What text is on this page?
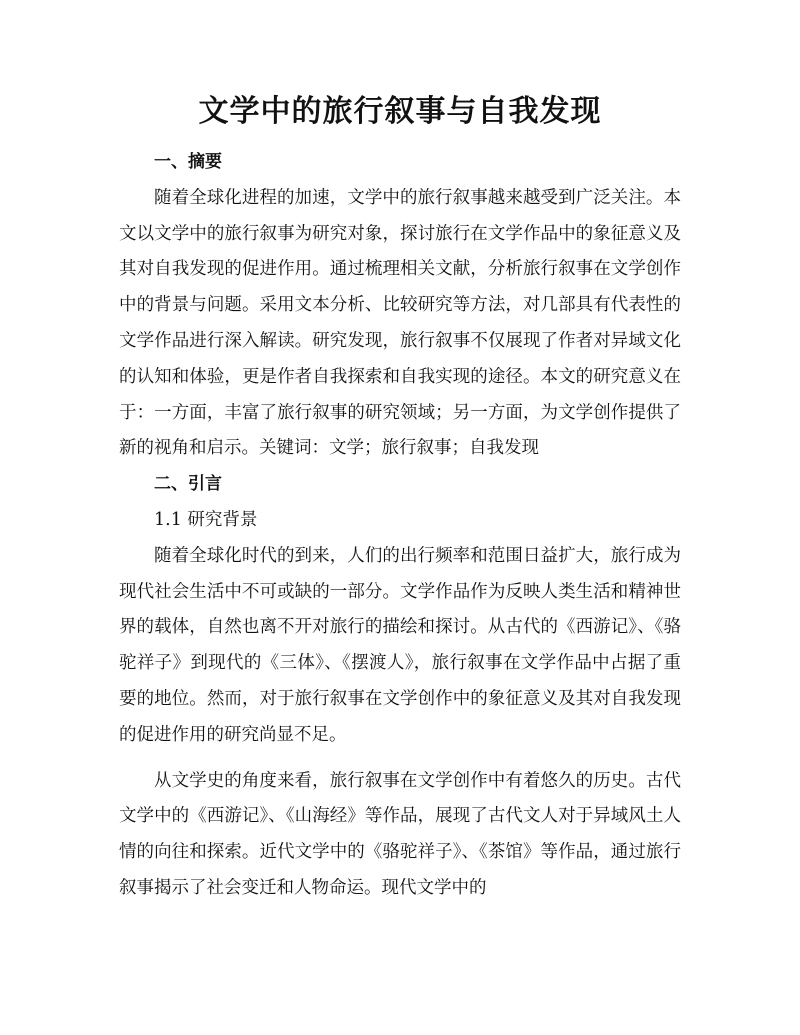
文学中的旅行叙事与自我发现
一、摘要

随着全球化进程的加速，文学中的旅行叙事越来越受到广泛关注。本文以文学中的旅行叙事为研究对象，探讨旅行在文学作品中的象征意义及其对自我发现的促进作用。通过梳理相关文献，分析旅行叙事在文学创作中的背景与问题。采用文本分析、比较研究等方法，对几部具有代表性的文学作品进行深入解读。研究发现，旅行叙事不仅展现了作者对异域文化的认知和体验，更是作者自我探索和自我实现的途径。本文的研究意义在于：一方面，丰富了旅行叙事的研究领域；另一方面，为文学创作提供了新的视角和启示。关键词：文学；旅行叙事；自我发现

二、引言
1.1 研究背景

随着全球化时代的到来，人们的出行频率和范围日益扩大，旅行成为现代社会生活中不可或缺的一部分。文学作品作为反映人类生活和精神世界的载体，自然也离不开对旅行的描绘和探讨。从古代的《西游记》、《骆驼祥子》到现代的《三体》、《摆渡人》，旅行叙事在文学作品中占据了重要的地位。然而，对于旅行叙事在文学创作中的象征意义及其对自我发现的促进作用的研究尚显不足。

从文学史的角度来看，旅行叙事在文学创作中有着悠久的历史。古代文学中的《西游记》、《山海经》等作品，展现了古代文人对于异域风土人情的向往和探索。近代文学中的《骆驼祥子》、《茶馆》等作品，通过旅行叙事揭示了社会变迁和人物命运。现代文学中的
